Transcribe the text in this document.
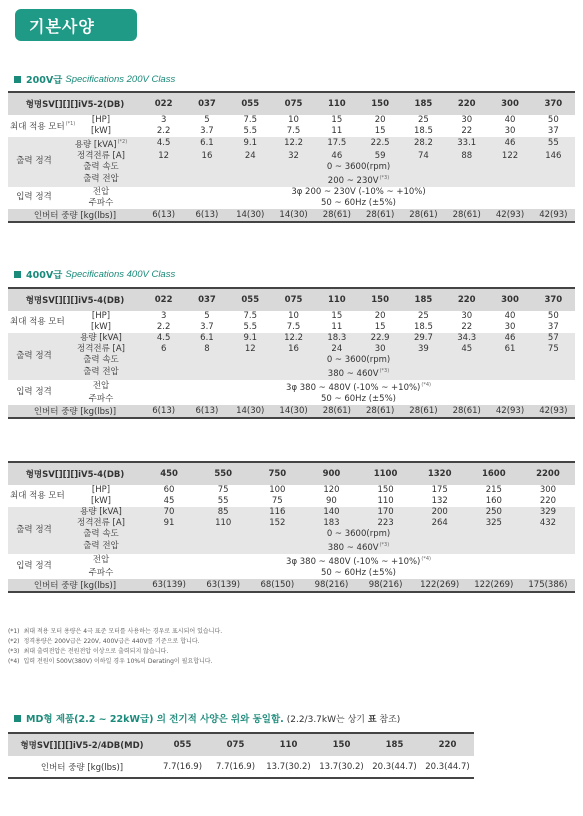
기본사양
200V급 Specifications 200V Class
형명SV[][][]iV5-2(DB)		022	037	055	075	110	150	185	220	300	370
최대 적용 모터$^{(*1)}$	[HP]	3	5	7.5	10	15	20	25	30	40	50
	[kW]	2.2	3.7	5.5	7.5	11	15	18.5	22	30	37
출력 정격	용량 [kVA]$^{(*2)}$	4.5	6.1	9.1	12.2	17.5	22.5	28.2	33.1	46	55
	정격전류 [A]	12	16	24	32	46	59	74	88	122	146
	출력 속도	0 ~ 3600(rpm)									
	출력 전압	200 ~ 230V$^{(*3)}$
입력 정격	전압	3φ 200 ~ 230V (-10% ~ +10%)									
	주파수	50 ~ 60Hz (±5%)									
인버터 중량 [kg(lbs)]		6(13)	6(13)	14(30)	14(30)	28(61)	28(61)	28(61)	28(61)	42(93)	42(93)
400V급 Specifications 400V Class
형명SV[][][]iV5-4(DB)		022	037	055	075	110	150	185	220	300	370
최대 적용 모터	[HP]	3	5	7.5	10	15	20	25	30	40	50
	[kW]	2.2	3.7	5.5	7.5	11	15	18.5	22	30	37
출력 정격	용량 [kVA]	4.5	6.1	9.1	12.2	18.3	22.9	29.7	34.3	46	57
	정격전류 [A]	6	8	12	16	24	30	39	45	61	75
	출력 속도	0 ~ 3600(rpm)									
	출력 전압	380 ~ 460V$^{(*3)}$
입력 정격	전압	3φ 380 ~ 480V (-10% ~ +10%)$^{(*4)}$
	주파수	50 ~ 60Hz (±5%)									
인버터 중량 [kg(lbs)]		6(13)	6(13)	14(30)	14(30)	28(61)	28(61)	28(61)	28(61)	42(93)	42(93)
형명SV[][][]iV5-4(DB)		450	550	750	900	1100	1320	1600	2200
최대 적용 모터	[HP]	60	75	100	120	150	175	215	300
	[kW]	45	55	75	90	110	132	160	220
출력 정격	용량 [kVA]	70	85	116	140	170	200	250	329
	정격전류 [A]	91	110	152	183	223	264	325	432
	출력 속도	0 ~ 3600(rpm)							
	출력 전압	380 ~ 460V$^{(*3)}$
입력 정격	전압	3φ 380 ~ 480V (-10% ~ +10%)$^{(*4)}$
	주파수	50 ~ 60Hz (±5%)							
인버터 중량 [kg(lbs)]		63(139)	63(139)	68(150)	98(216)	98(216)	122(269)	122(269)	175(386)
(*1) 최대 적용 모터 용량은 4극 표준 모터를 사용하는 경우로 표시되어 있습니다.
(*2) 정격용량은 200V급은 220V, 400V급은 440V를 기준으로 합니다.
(*3) 최대 출력전압은 전원전압 이상으로 출력되지 않습니다.
(*4) 입력 전원이 500V(380V) 이하일 경우 10%의 Derating이 필요합니다.
MD형 제품(2.2 ~ 22kW급) 의 전기적 사양은 위와 동일함. (2.2/3.7kW는 상기 표 참조)
형명SV[][][]iV5-2/4DB(MD)	055	075	110	150	185	220
인버터 중량 [kg(lbs)]	7.7(16.9)	7.7(16.9)	13.7(30.2)	13.7(30.2)	20.3(44.7)	20.3(44.7)
